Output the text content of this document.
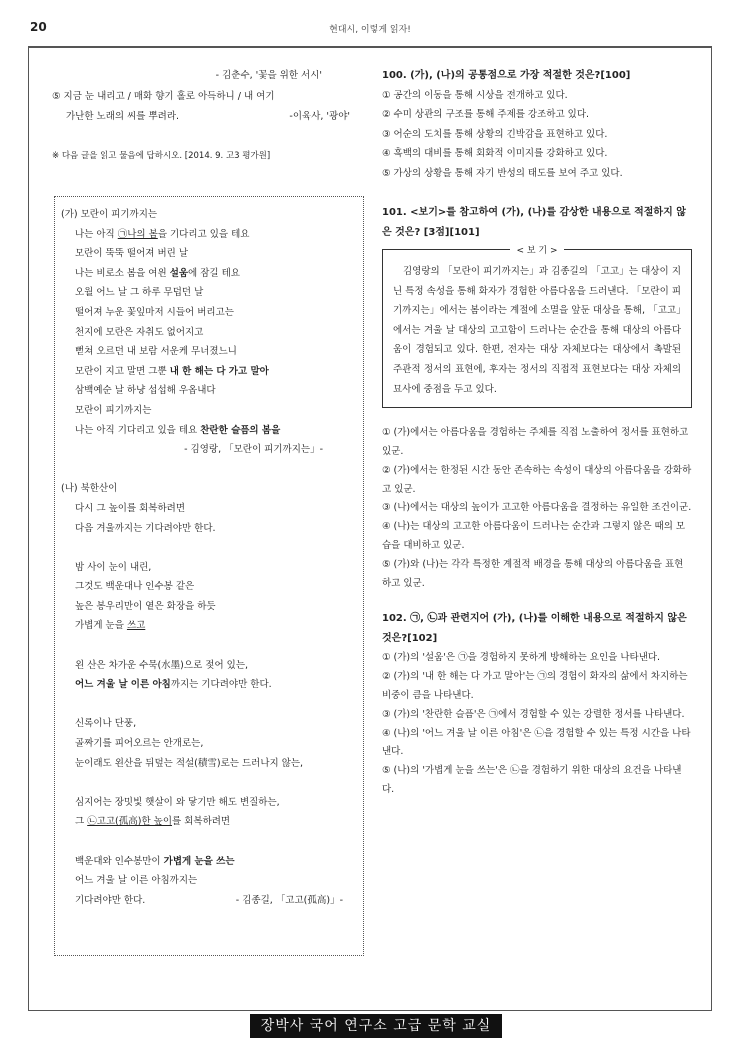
20	현대시, 이렇게 읽자!
장박사 국어 연구소 고급 문학 교실
- 김춘수, '꽃을 위한 서시'
⑤ 지금 눈 내리고 / 매화 향기 홀로 아득하니 / 내 여기
가난한 노래의 씨를 뿌려라.	-이육사, '광야'
※ 다음 글을 읽고 물음에 답하시오. [2014. 9. 고3 평가원]
(가) 모란이 피기까지는
나는 아직 ㉠나의 봄을 기다리고 있을 테요
모란이 뚝뚝 떨어져 버린 날
나는 비로소 봄을 여읜 설움에 잠길 테요
오월 어느 날 그 하루 무덥던 날
떨어져 누운 꽃잎마저 시들어 버리고는
천지에 모란은 자취도 없어지고
뻗쳐 오르던 내 보람 서운케 무너졌느니
모란이 지고 말면 그뿐 내 한 해는 다 가고 말아
삼백예순 날 하냥 섭섭해 우옵내다
모란이 피기까지는
나는 아직 기다리고 있을 테요 찬란한 슬픔의 봄을
- 김영랑, 「모란이 피기까지는」-
(나) 북한산이
다시 그 높이를 회복하려면
다음 겨울까지는 기다려야만 한다.
밤 사이 눈이 내린,
그것도 백운대나 인수봉 같은
높은 봉우리만이 옅은 화장을 하듯
가볍게 눈을 쓰고
왼 산은 차가운 수묵(水墨)으로 젖어 있는,
어느 겨울 날 이른 아침까지는 기다려야만 한다.
신록이나 단풍,
골짜기를 피어오르는 안개로는,
눈이래도 왼산을 뒤덮는 적설(積雪)로는 드러나지 않는,
심지어는 장밋빛 햇살이 와 닿기만 해도 변질하는,
그 ㉡고고(孤高)한 높이를 회복하려면
백운대와 인수봉만이 가볍게 눈을 쓰는
어느 겨울 날 이른 아침까지는
기다려야만 한다.	- 김종길, 「고고(孤高)」-
100. (가), (나)의 공통점으로 가장 적절한 것은?[100]
① 공간의 이동을 통해 시상을 전개하고 있다.
② 수미 상관의 구조를 통해 주제를 강조하고 있다.
③ 어순의 도치를 통해 상황의 긴박감을 표현하고 있다.
④ 흑백의 대비를 통해 회화적 이미지를 강화하고 있다.
⑤ 가상의 상황을 통해 자기 반성의 태도를 보여 주고 있다.
101. <보기>를 참고하여 (가), (나)를 감상한 내용으로 적절하지 않은 것은? [3점][101]
< 보 기 >
김영랑의 「모란이 피기까지는」과 김종길의 「고고」는 대상이 지닌 특정 속성을 통해 화자가 경험한 아름다움을 드러낸다. 「모란이 피기까지는」에서는 봄이라는 계절에 소멸을 앞둔 대상을 통해, 「고고」에서는 겨울 날 대상의 고고함이 드러나는 순간을 통해 대상의 아름다움이 경험되고 있다. 한편, 전자는 대상 자체보다는 대상에서 촉발된 주관적 정서의 표현에, 후자는 정서의 직접적 표현보다는 대상 자체의 묘사에 중점을 두고 있다.
① (가)에서는 아름다움을 경험하는 주체를 직접 노출하여 정서를 표현하고 있군.
② (가)에서는 한정된 시간 동안 존속하는 속성이 대상의 아름다움을 강화하고 있군.
③ (나)에서는 대상의 높이가 고고한 아름다움을 결정하는 유일한 조건이군.
④ (나)는 대상의 고고한 아름다움이 드러나는 순간과 그렇지 않은 때의 모습을 대비하고 있군.
⑤ (가)와 (나)는 각각 특정한 계절적 배경을 통해 대상의 아름다움을 표현하고 있군.
102. ㉠, ㉡과 관련지어 (가), (나)를 이해한 내용으로 적절하지 않은 것은?[102]
① (가)의 '설움'은 ㉠을 경험하지 못하게 방해하는 요인을 나타낸다.
② (가)의 '내 한 해는 다 가고 말아'는 ㉠의 경험이 화자의 삶에서 차지하는 비중이 큼을 나타낸다.
③ (가)의 '찬란한 슬픔'은 ㉠에서 경험할 수 있는 강렬한 정서를 나타낸다.
④ (나)의 '어느 겨울 날 이른 아침'은 ㉡을 경험할 수 있는 특정 시간을 나타낸다.
⑤ (나)의 '가볍게 눈을 쓰는'은 ㉡을 경험하기 위한 대상의 요건을 나타낸다.
